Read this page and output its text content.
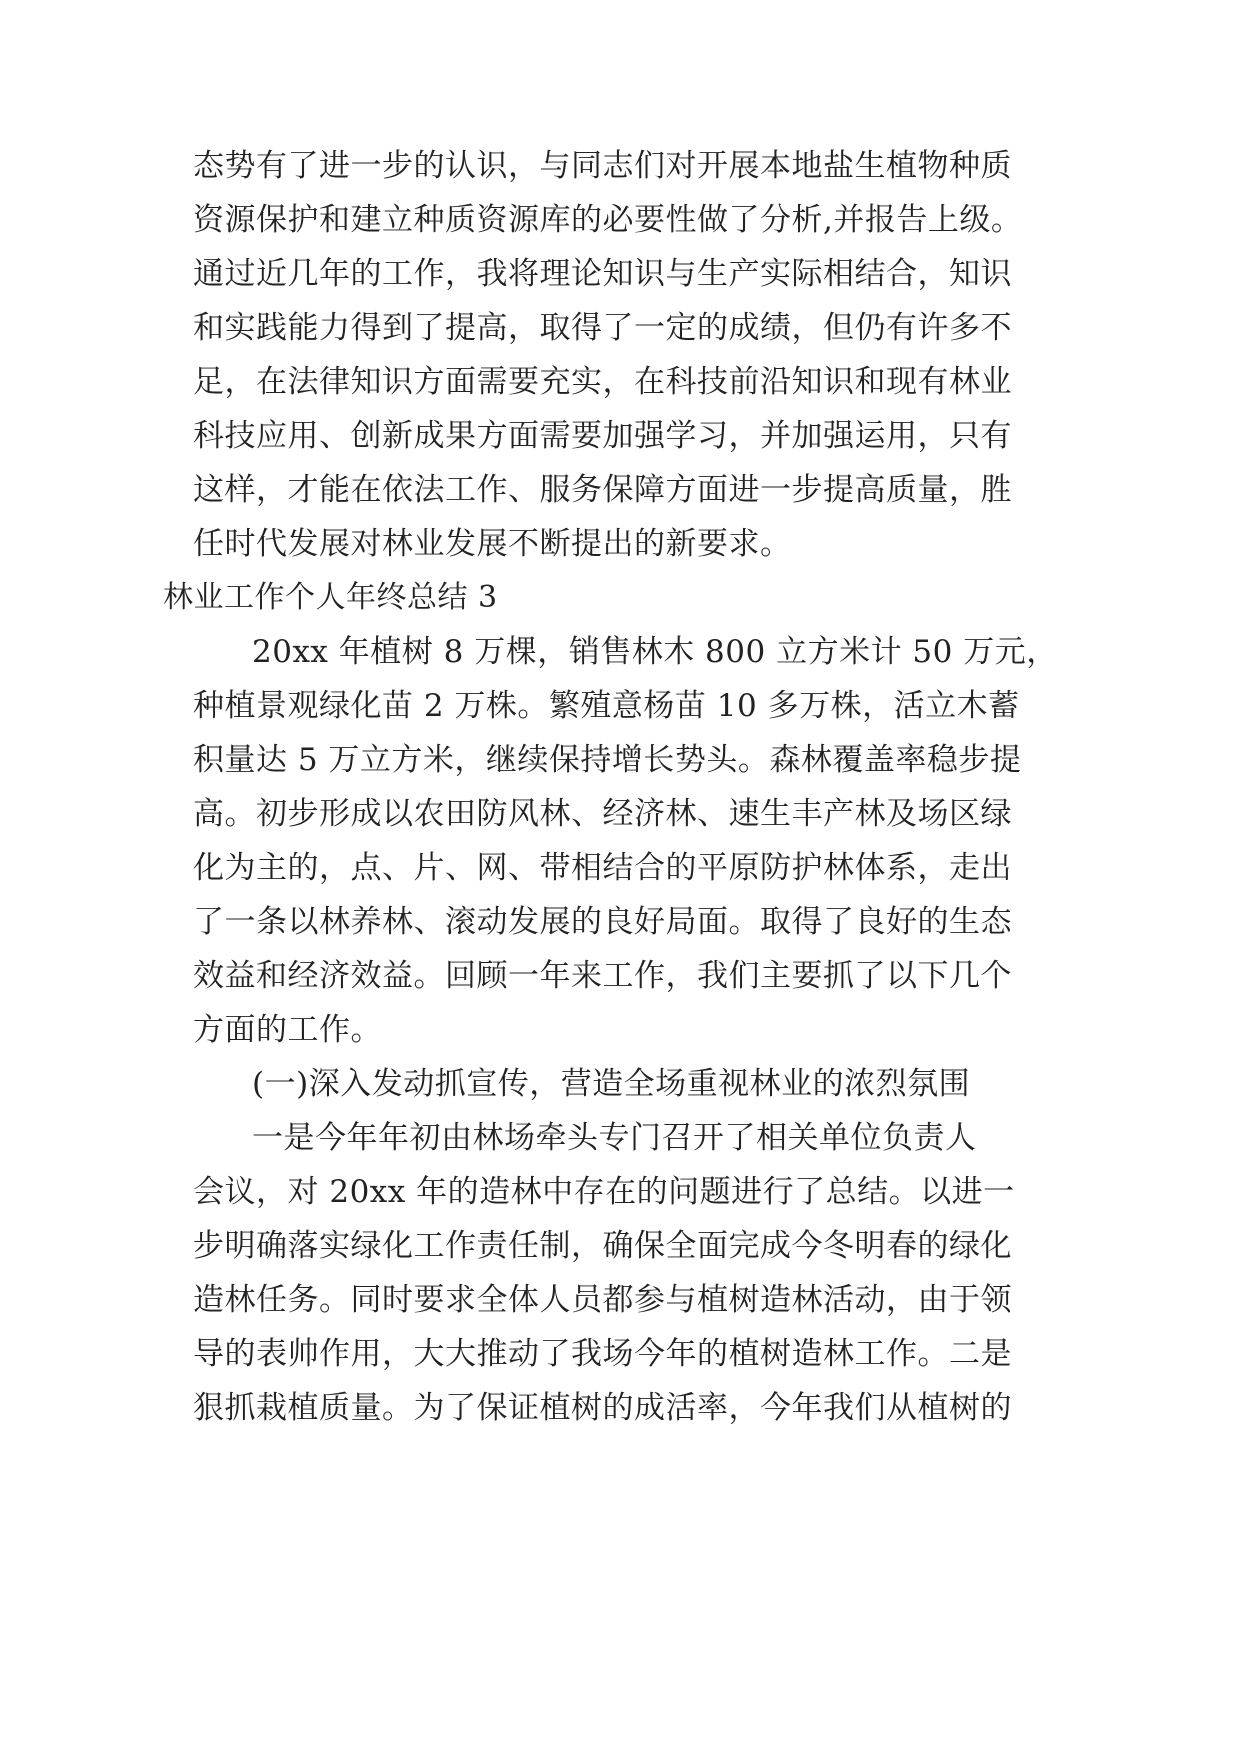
态势有了进一步的认识，与同志们对开展本地盐生植物种质
资源保护和建立种质资源库的必要性做了分析,并报告上级。
通过近几年的工作，我将理论知识与生产实际相结合，知识
和实践能力得到了提高，取得了一定的成绩，但仍有许多不
足，在法律知识方面需要充实，在科技前沿知识和现有林业
科技应用、创新成果方面需要加强学习，并加强运用，只有
这样，才能在依法工作、服务保障方面进一步提高质量，胜
任时代发展对林业发展不断提出的新要求。
林业工作个人年终总结 3
20xx 年植树 8 万棵，销售林木 800 立方米计 50 万元，
种植景观绿化苗 2 万株。繁殖意杨苗 10 多万株，活立木蓄
积量达 5 万立方米，继续保持增长势头。森林覆盖率稳步提
高。初步形成以农田防风林、经济林、速生丰产林及场区绿
化为主的，点、片、网、带相结合的平原防护林体系，走出
了一条以林养林、滚动发展的良好局面。取得了良好的生态
效益和经济效益。回顾一年来工作，我们主要抓了以下几个
方面的工作。
(一)深入发动抓宣传，营造全场重视林业的浓烈氛围
一是今年年初由林场牵头专门召开了相关单位负责人
会议，对 20xx 年的造林中存在的问题进行了总结。以进一
步明确落实绿化工作责任制，确保全面完成今冬明春的绿化
造林任务。同时要求全体人员都参与植树造林活动，由于领
导的表帅作用，大大推动了我场今年的植树造林工作。二是
狠抓栽植质量。为了保证植树的成活率，今年我们从植树的
